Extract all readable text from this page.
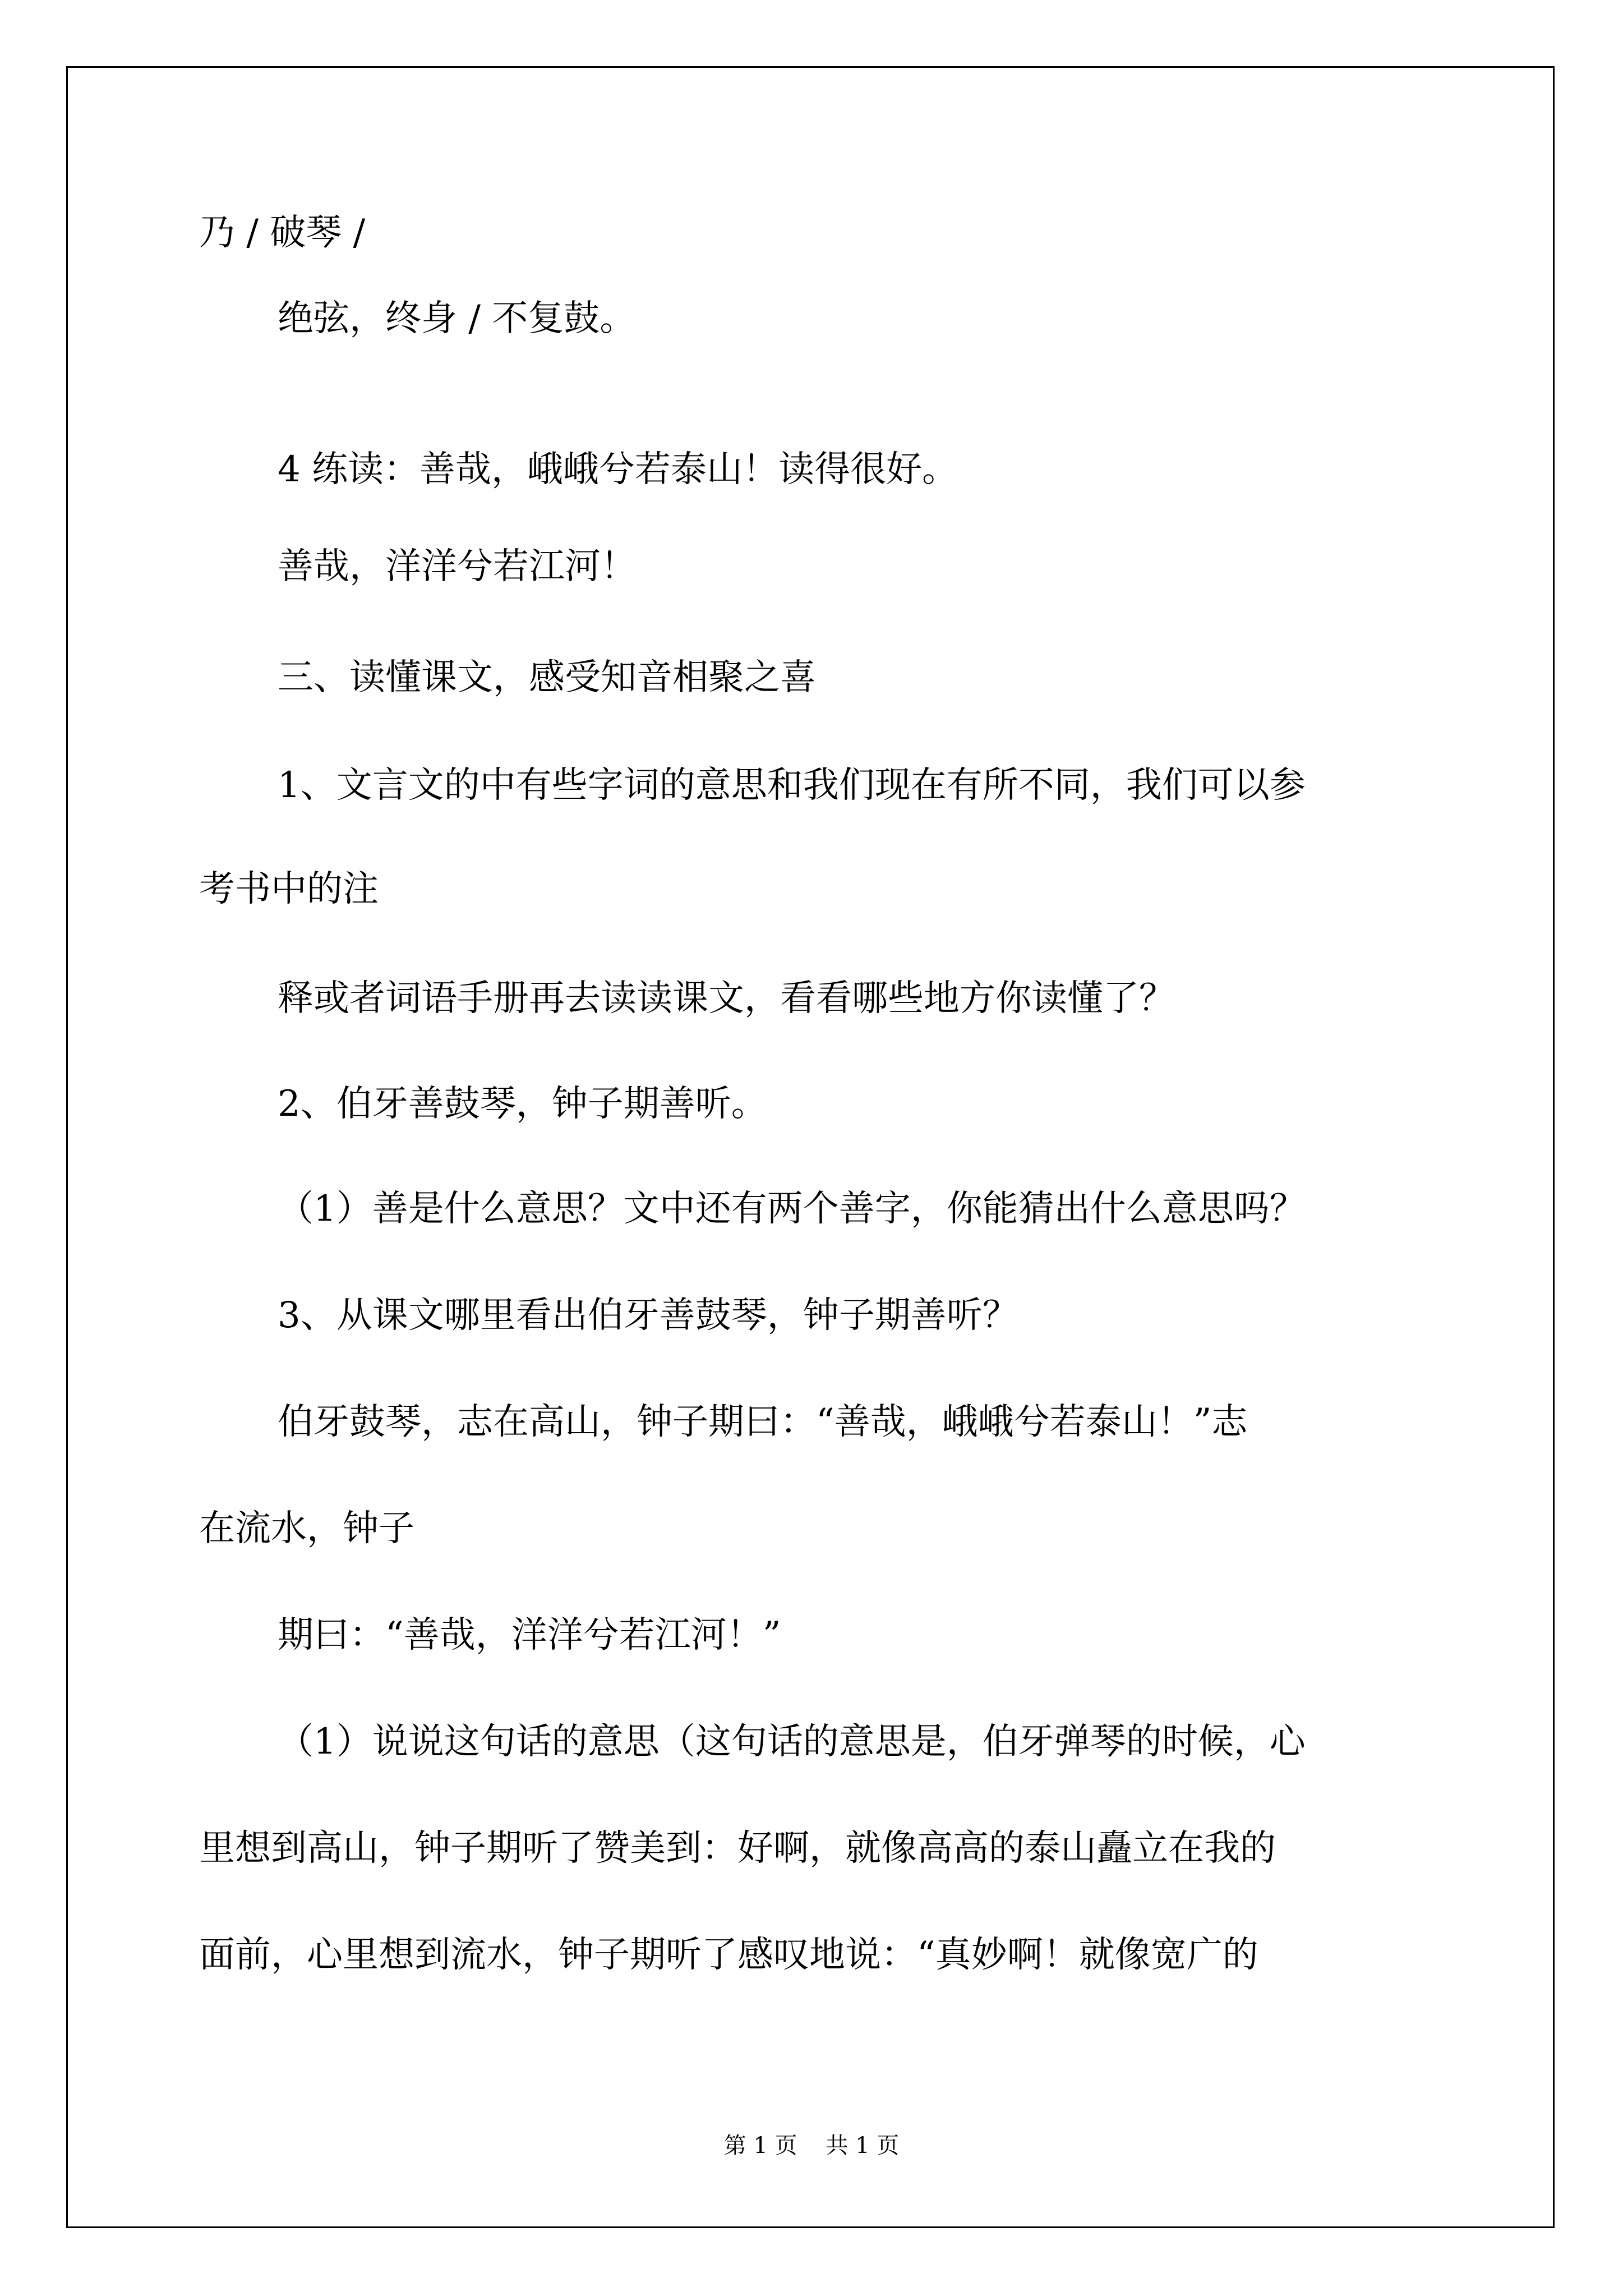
乃 / 破琴 /
绝弦，终身 / 不复鼓。
4 练读：善哉，峨峨兮若泰山！读得很好。
善哉，洋洋兮若江河！
三、读懂课文，感受知音相聚之喜
1、文言文的中有些字词的意思和我们现在有所不同，我们可以参
考书中的注
释或者词语手册再去读读课文，看看哪些地方你读懂了？
2、伯牙善鼓琴，钟子期善听。
（1）善是什么意思？文中还有两个善字，你能猜出什么意思吗？
3、从课文哪里看出伯牙善鼓琴，钟子期善听？
伯牙鼓琴，志在高山，钟子期曰：“善哉，峨峨兮若泰山！”志
在流水，钟子
期曰：“善哉，洋洋兮若江河！”
（1）说说这句话的意思（这句话的意思是，伯牙弹琴的时候，心
里想到高山，钟子期听了赞美到：好啊，就像高高的泰山矗立在我的
面前，心里想到流水，钟子期听了感叹地说：“真妙啊！就像宽广的
第 1 页    共 1 页
